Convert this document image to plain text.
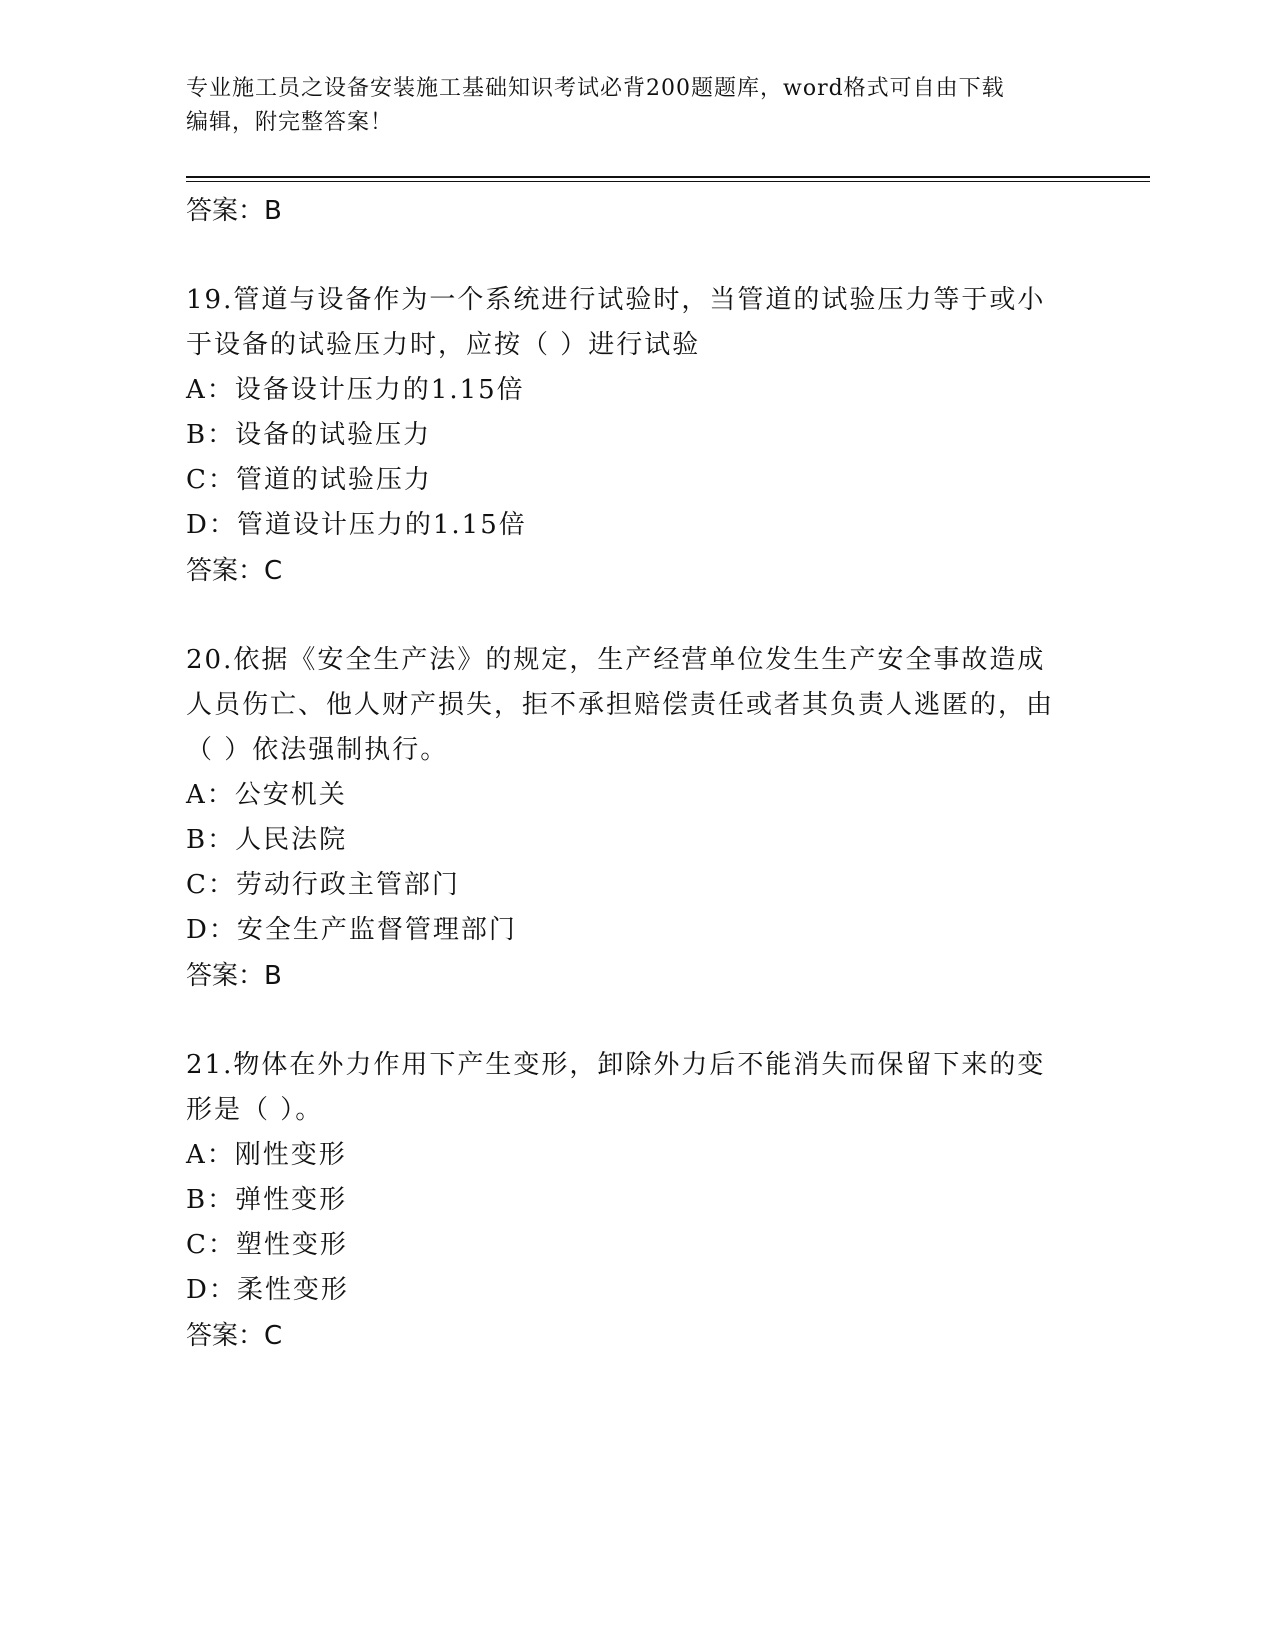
专业施工员之设备安装施工基础知识考试必背200题题库，word格式可自由下载
编辑，附完整答案！

答案：B

19.管道与设备作为一个系统进行试验时，当管道的试验压力等于或小于设备的试验压力时，应按（ ）进行试验

A：设备设计压力的1.15倍

B：设备的试验压力

C：管道的试验压力

D：管道设计压力的1.15倍

答案：C

20.依据《安全生产法》的规定，生产经营单位发生生产安全事故造成人员伤亡、他人财产损失，拒不承担赔偿责任或者其负责人逃匿的，由（ ）依法强制执行。

A：公安机关

B：人民法院

C：劳动行政主管部门

D：安全生产监督管理部门

答案：B

21.物体在外力作用下产生变形，卸除外力后不能消失而保留下来的变形是（ ）。

A：刚性变形

B：弹性变形

C：塑性变形

D：柔性变形

答案：C
